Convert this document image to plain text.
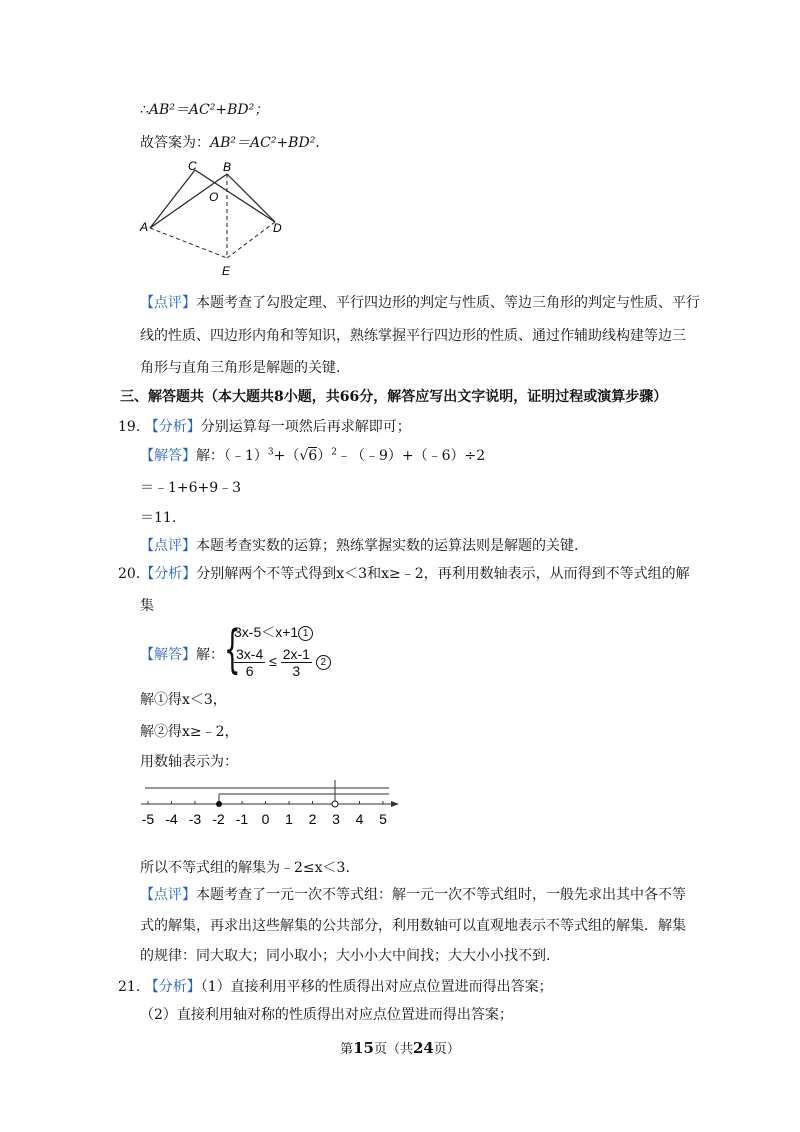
∴AB²＝AC²+BD²；
故答案为：AB²＝AC²+BD².
C B
O
A	D
E
【点评】本题考查了勾股定理、平行四边形的判定与性质、等边三角形的判定与性质、平行
线的性质、四边形内角和等知识，熟练掌握平行四边形的性质、通过作辅助线构建等边三
角形与直角三角形是解题的关键.
三、解答题共（本大题共8小题，共66分，解答应写出文字说明，证明过程或演算步骤）
19. 【分析】分别运算每一项然后再求解即可；
【解答】解：$(﹣1)^3+(√6)^2﹣(﹣9)+(﹣6)\div 2$
＝﹣1+6+9﹣3
＝11.
【点评】本题考查实数的运算；熟练掌握实数的运算法则是解题的关键.
20.【分析】分别解两个不等式得到x＜3和x≥﹣2，再利用数轴表示，从而得到不等式组的解
集
【解答】 解： {
3x-5＜x+1 1
$\frac{3x-4}{6} \le \frac{2x-1}{3} 2$
解①得x＜3，
解②得x≥﹣2，
用数轴表示为：
-5 -4 -3 -2 -1 0 1 2 3 4 5
所以不等式组的解集为﹣2≤x＜3.
【点评】本题考查了一元一次不等式组：解一元一次不等式组时，一般先求出其中各不等
式的解集，再求出这些解集的公共部分，利用数轴可以直观地表示不等式组的解集．解集
的规律：同大取大；同小取小；大小小大中间找；大大小小找不到.
21. 【分析】（1）直接利用平移的性质得出对应点位置进而得出答案；
（2）直接利用轴对称的性质得出对应点位置进而得出答案；
第15页（共24页）
